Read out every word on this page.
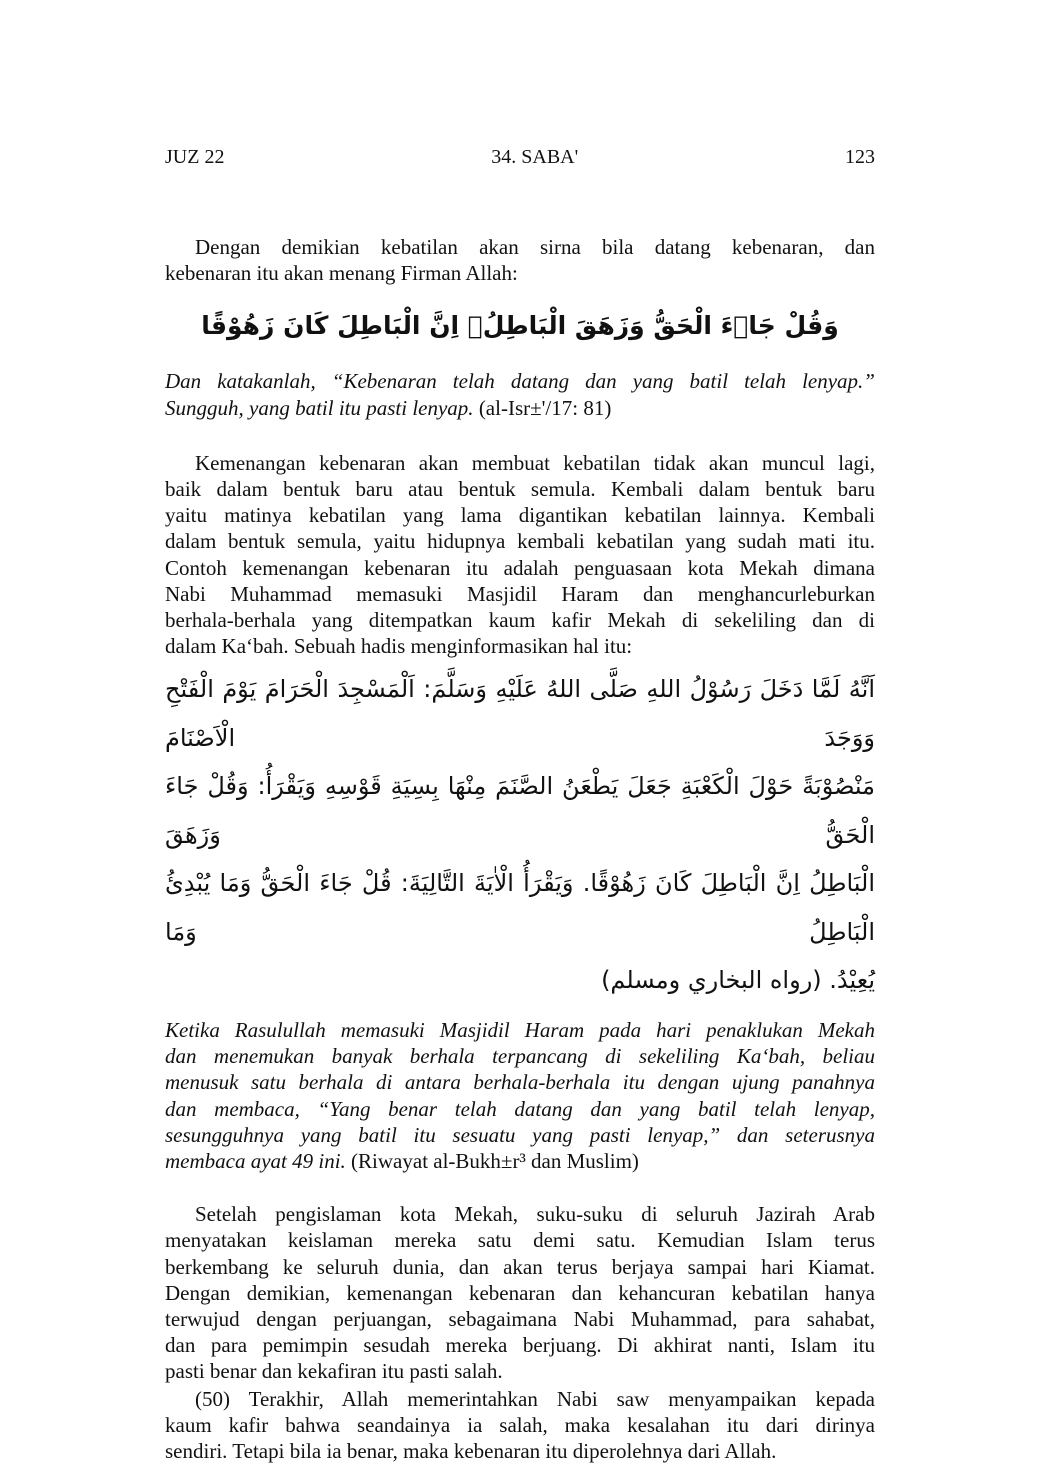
JUZ 22	34. SABA'	123
Dengan demikian kebatilan akan sirna bila datang kebenaran, dan
kebenaran itu akan menang Firman Allah:
وَقُلْ جَاۤءَ الْحَقُّ وَزَهَقَ الْبَاطِلُۗ اِنَّ الْبَاطِلَ كَانَ زَهُوْقًا
Dan katakanlah, “Kebenaran telah datang dan yang batil telah lenyap.”
Sungguh, yang batil itu pasti lenyap. (al-Isr±'/17: 81)
Kemenangan kebenaran akan membuat kebatilan tidak akan muncul lagi,
baik dalam bentuk baru atau bentuk semula. Kembali dalam bentuk baru
yaitu matinya kebatilan yang lama digantikan kebatilan lainnya. Kembali
dalam bentuk semula, yaitu hidupnya kembali kebatilan yang sudah mati itu.
Contoh kemenangan kebenaran itu adalah penguasaan kota Mekah dimana
Nabi Muhammad memasuki Masjidil Haram dan menghancurleburkan
berhala-berhala yang ditempatkan kaum kafir Mekah di sekeliling dan di
dalam Ka‘bah. Sebuah hadis menginformasikan hal itu:
اَنَّهُ لَمَّا دَخَلَ رَسُوْلُ اللهِ صَلَّى اللهُ عَلَيْهِ وَسَلَّمَ: اَلْمَسْجِدَ الْحَرَامَ يَوْمَ الْفَتْحِ وَوَجَدَ الْاَصْنَامَ
مَنْصُوْبَةً حَوْلَ الْكَعْبَةِ جَعَلَ يَطْعَنُ الصَّنَمَ مِنْهَا بِسِيَةِ قَوْسِهِ وَيَقْرَأُ: وَقُلْ جَاءَ الْحَقُّ وَزَهَقَ
الْبَاطِلُ اِنَّ الْبَاطِلَ كَانَ زَهُوْقًا. وَيَقْرَأُ الْاٰيَةَ التَّالِيَةَ: قُلْ جَاءَ الْحَقُّ وَمَا يُبْدِئُ الْبَاطِلُ وَمَا
يُعِيْدُ. (رواه البخاري ومسلم)
Ketika Rasulullah memasuki Masjidil Haram pada hari penaklukan Mekah
dan menemukan banyak berhala terpancang di sekeliling Ka‘bah, beliau
menusuk satu berhala di antara berhala-berhala itu dengan ujung panahnya
dan membaca, “Yang benar telah datang dan yang batil telah lenyap,
sesungguhnya yang batil itu sesuatu yang pasti lenyap,” dan seterusnya
membaca ayat 49 ini. (Riwayat al-Bukh±r³ dan Muslim)
Setelah pengislaman kota Mekah, suku-suku di seluruh Jazirah Arab
menyatakan keislaman mereka satu demi satu. Kemudian Islam terus
berkembang ke seluruh dunia, dan akan terus berjaya sampai hari Kiamat.
Dengan demikian, kemenangan kebenaran dan kehancuran kebatilan hanya
terwujud dengan perjuangan, sebagaimana Nabi Muhammad, para sahabat,
dan para pemimpin sesudah mereka berjuang. Di akhirat nanti, Islam itu
pasti benar dan kekafiran itu pasti salah.
(50) Terakhir, Allah memerintahkan Nabi saw menyampaikan kepada
kaum kafir bahwa seandainya ia salah, maka kesalahan itu dari dirinya
sendiri. Tetapi bila ia benar, maka kebenaran itu diperolehnya dari Allah.
